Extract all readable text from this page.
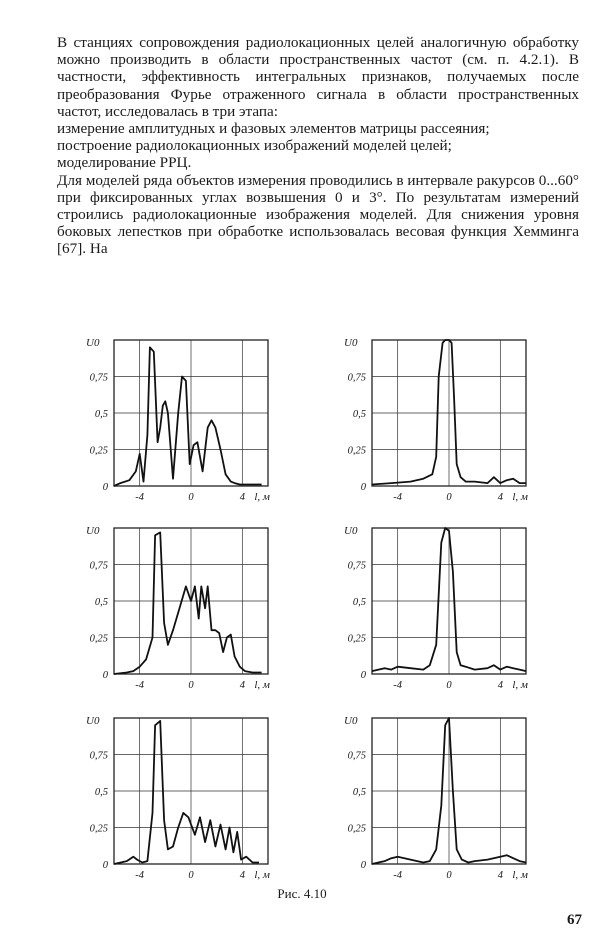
В станциях сопровождения радиолокационных целей аналогичную обработку можно производить в области пространственных частот (см. п. 4.2.1). В частности, эффективность интегральных признаков, получаемых после преобразования Фурье отраженного сигнала в области пространственных частот, исследовалась в три этапа:

измерение амплитудных и фазовых элементов матрицы рассеяния;

построение радиолокационных изображений моделей целей;

моделирование РРЦ.

Для моделей ряда объектов измерения проводились в интервале ракурсов 0...60° при фиксированных углах возвышения 0 и 3°. По результатам измерений строились радиолокационные изображения моделей. Для снижения уровня боковых лепестков при обработке использовалась весовая функция Хемминга [67]. На

0
0,25
0,5
0,75
-4	0	4
U0
l, м
0
0,25
0,5
0,75
-4	0	4
U0
l, м
0
0,25
0,5
0,75
-4	0	4
U0
l, м
0
0,25
0,5
0,75
-4	0	4
U0
l, м
0
0,25
0,5
0,75
-4	0	4
U0
l, м
0
0,25
0,5
0,75
-4	0	4
U0
l, м
Рис. 4.10
67
